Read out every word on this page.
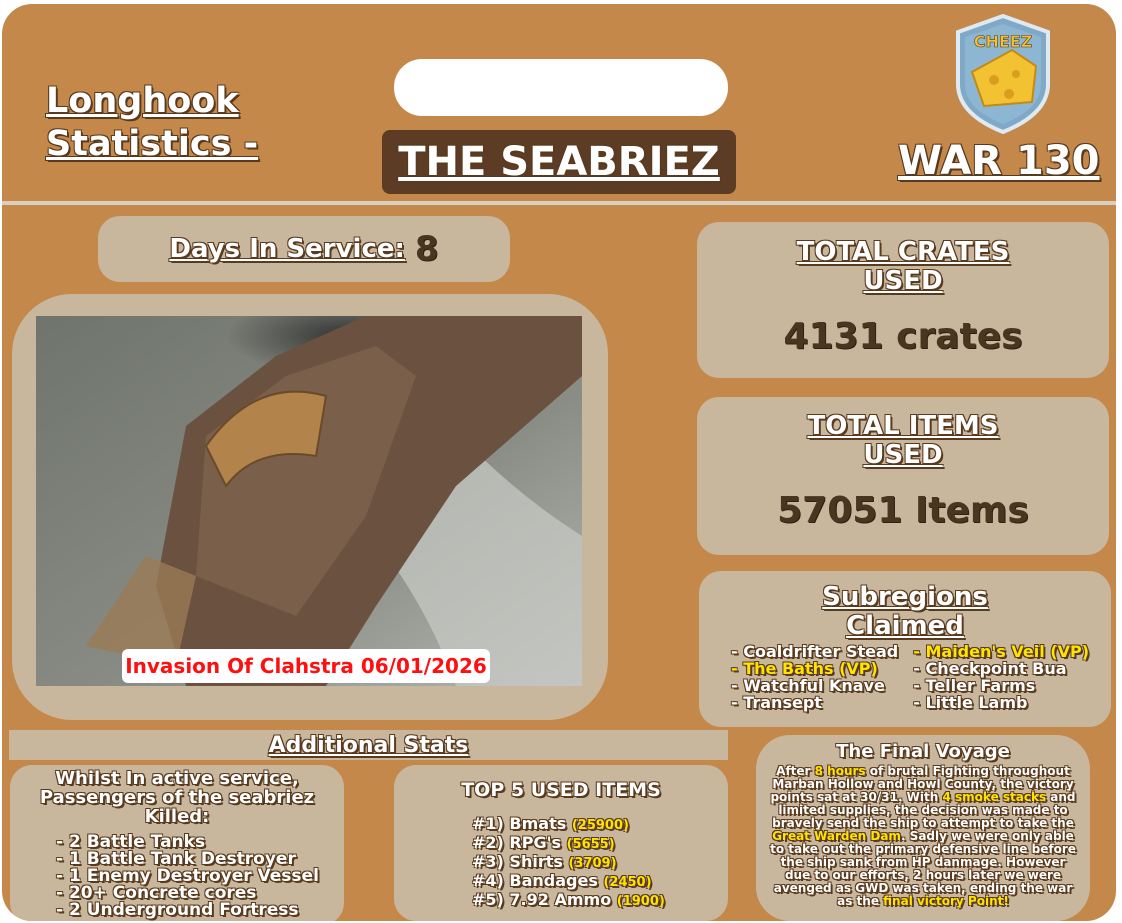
Longhook
Statistics -	THE SEABRIEZ	WAR 130
CHEEZ
Days In Service: 8
Invasion Of Clahstra 06/01/2026
TOTAL CRATES
USED
4131 crates
TOTAL ITEMS
USED
57051 Items
Subregions
Claimed
- Coaldrifter Stead
- The Baths (VP)
- Watchful Knave
- Transept
- Maiden's Veil (VP)
- Checkpoint Bua
- Teller Farms
- Little Lamb
Additional Stats
Whilst In active service,
Passengers of the seabriez
Killed:
- 2 Battle Tanks
- 1 Battle Tank Destroyer
- 1 Enemy Destroyer Vessel
- 20+ Concrete cores
- 2 Underground Fortress
TOP 5 USED ITEMS
#1) Bmats (25900)
#2) RPG's (5655)
#3) Shirts (3709)
#4) Bandages (2450)
#5) 7.92 Ammo (1900)
The Final Voyage
After 8 hours of brutal Fighting throughout Marban Hollow and Howl County, the victory points sat at 30/31. With 4 smoke stacks and limited supplies, the decision was made to bravely send the ship to attempt to take the Great Warden Dam. Sadly we were only able to take out the primary defensive line before the ship sank from HP danmage. However due to our efforts, 2 hours later we were avenged as GWD was taken, ending the war as the final victory Point!
